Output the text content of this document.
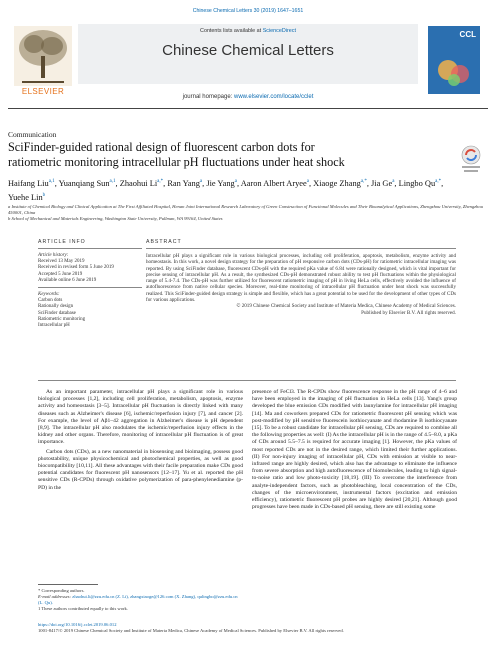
Chinese Chemical Letters 30 (2019) 1647–1651
ELSEVIER
Contents lists available at ScienceDirect
Chinese Chemical Letters
journal homepage: www.elsevier.com/locate/cclet
CCL
Communication
SciFinder-guided rational design of fluorescent carbon dots for
ratiometric monitoring intracellular pH fluctuations under heat shock
Haifang Liu$^{a,1}$, Yuanqiang Sun$^{a,1}$, Zhaohui $Li^{a,*}$, Ran Yang$^a$, Jie Yang$^a$, Aaron Albert Aryee$^a$, Xiaoge Zhang$^{a,*}$, Jia Ge$^a$, Lingbo $Qu^{a,*}$, Yuehe Lin$^b$
a Institute of Chemical Biology and Clinical Application at The First Affiliated Hospital, Henan Joint International Research Laboratory of Green Construction of Functional Molecules and Their Bioanalytical Applications, Zhengzhou University, Zhengzhou 450001, China
b School of Mechanical and Materials Engineering, Washington State University, Pullman, WA 99164, United States
ARTICLE INFO
Article history:
Received 13 May 2019
Received in revised form 5 June 2019
Accepted 5 June 2019
Available online 6 June 2019
Keywords:
Carbon dots
Rationally design
SciFinder database
Ratiometric monitoring
Intracellular pH
ABSTRACT
Intracellular pH plays a significant role in various biological processes, including cell proliferation, apoptosis, metabolism, enzyme activity and homeostasis. In this work, a novel design strategy for the preparation of pH responsive carbon dots (CDs-pH) for ratiometric intracellular imaging was reported. By using SciFinder database, fluorescent CDs-pH with the required pKa value of 6.84 were rationally designed, which is vital important for precise sensing of intracellular pH. As a result, the synthesized CDs-pH demonstrated robust ability to test pH fluctuations within the physiological range of 5.4-7.4. The CDs-pH was further utilized for fluorescent ratiometric imaging of pH in living HeLa cells, effectively avoided the influence of autofluorescence from native cellular species. Moreover, real-time monitoring of intracellular pH fluctuation under heat shock was successfully realized. This SciFinder-guided design strategy is simple and flexible, which has a great potential to be used for the development of other types of CDs for various applications.
© 2019 Chinese Chemical Society and Institute of Materia Medica, Chinese Academy of Medical Sciences.
Published by Elsevier B.V. All rights reserved.

As an important parameter, intracellular pH plays a significant role in various biological processes [1,2], including cell proliferation, metabolism, apoptosis, enzyme activity and homeostasis [3–5]. Intracellular pH fluctuation is directly linked with many diseases such as Alzheimer's disease [6], ischemic/reperfusion injury [7], and cancer [2]. For example, the level of Aβ1–42 aggregation in Alzheimer's disease is pH dependent [8,9]. The intracellular pH also modulates the ischemic/reperfusion injury effects in the kidney and other organs. Therefore, monitoring of intracellular pH fluctuation is of great importance.

Carbon dots (CDs), as a new nanomaterial in biosensing and bioimaging, possess good photostability, unique physicochemical and photochemical properties, as well as good biocompatibility [10,11]. All these advantages with their facile preparation make CDs good potential candidates for fluorescent pH nanosensors [12–17]. Yu et al. reported the pH sensitive CDs (R-CPDs) through oxidative polymerization of para-phenylenediamine (p-PD) in the

presence of FeCl3. The R-CPDs show fluorescence response in the pH range of 4–6 and have been employed in the imaging of pH fluctuation in HeLa cells [13]. Yang's group developed the blue emission CDs modified with launylamine for intracellular pH imaging [14]. Ma and coworkers prepared CDs for ratiometric fluorescent pH sensing which was post-modified by pH sensitive fluorescein isothiocyanate and rhodamine B isothiocyanate [15]. To be a robust candidate for intracellular pH sensing, CDs are required to combine all the following properties as well: (I) As the intracellular pH is in the range of 4.5–8.0, a pKa of CDs around 5.5–7.5 is required for accurate imaging [1]. However, the pKa values of most reported CDs are not in the desired range, which limited their further applications. (II) For non-injury imaging of intracellular pH, CDs with emission at visible to near-infrared range are highly desired, which also has the advantage to eliminate the influence from severe absorption and high autofluorescence of biomolecules, leading to high signal-to-noise ratio and low photo-toxicity [18,19]. (III) To overcome the interference from analyte-independent factors, such as photobleaching, local concentration of the CDs, changes of the microenvironment, instrumental factors (excitation and emission efficiency), ratiometric fluorescent pH probes are highly desired [20,21]. Although good progresses have been made in CDs-based pH sensing, there are still existing some

* Corresponding authors.
E-mail addresses: zhaohui.li@zzu.edu.cn (Z. Li), zhangxiaoge@126.com (X. Zhang), qulingbo@zzu.edu.cn (L. Qu).
1 These authors contributed equally to this work.
https://doi.org/10.1016/j.cclet.2019.06.012
1001-8417/© 2019 Chinese Chemical Society and Institute of Materia Medica, Chinese Academy of Medical Sciences. Published by Elsevier B.V. All rights reserved.
